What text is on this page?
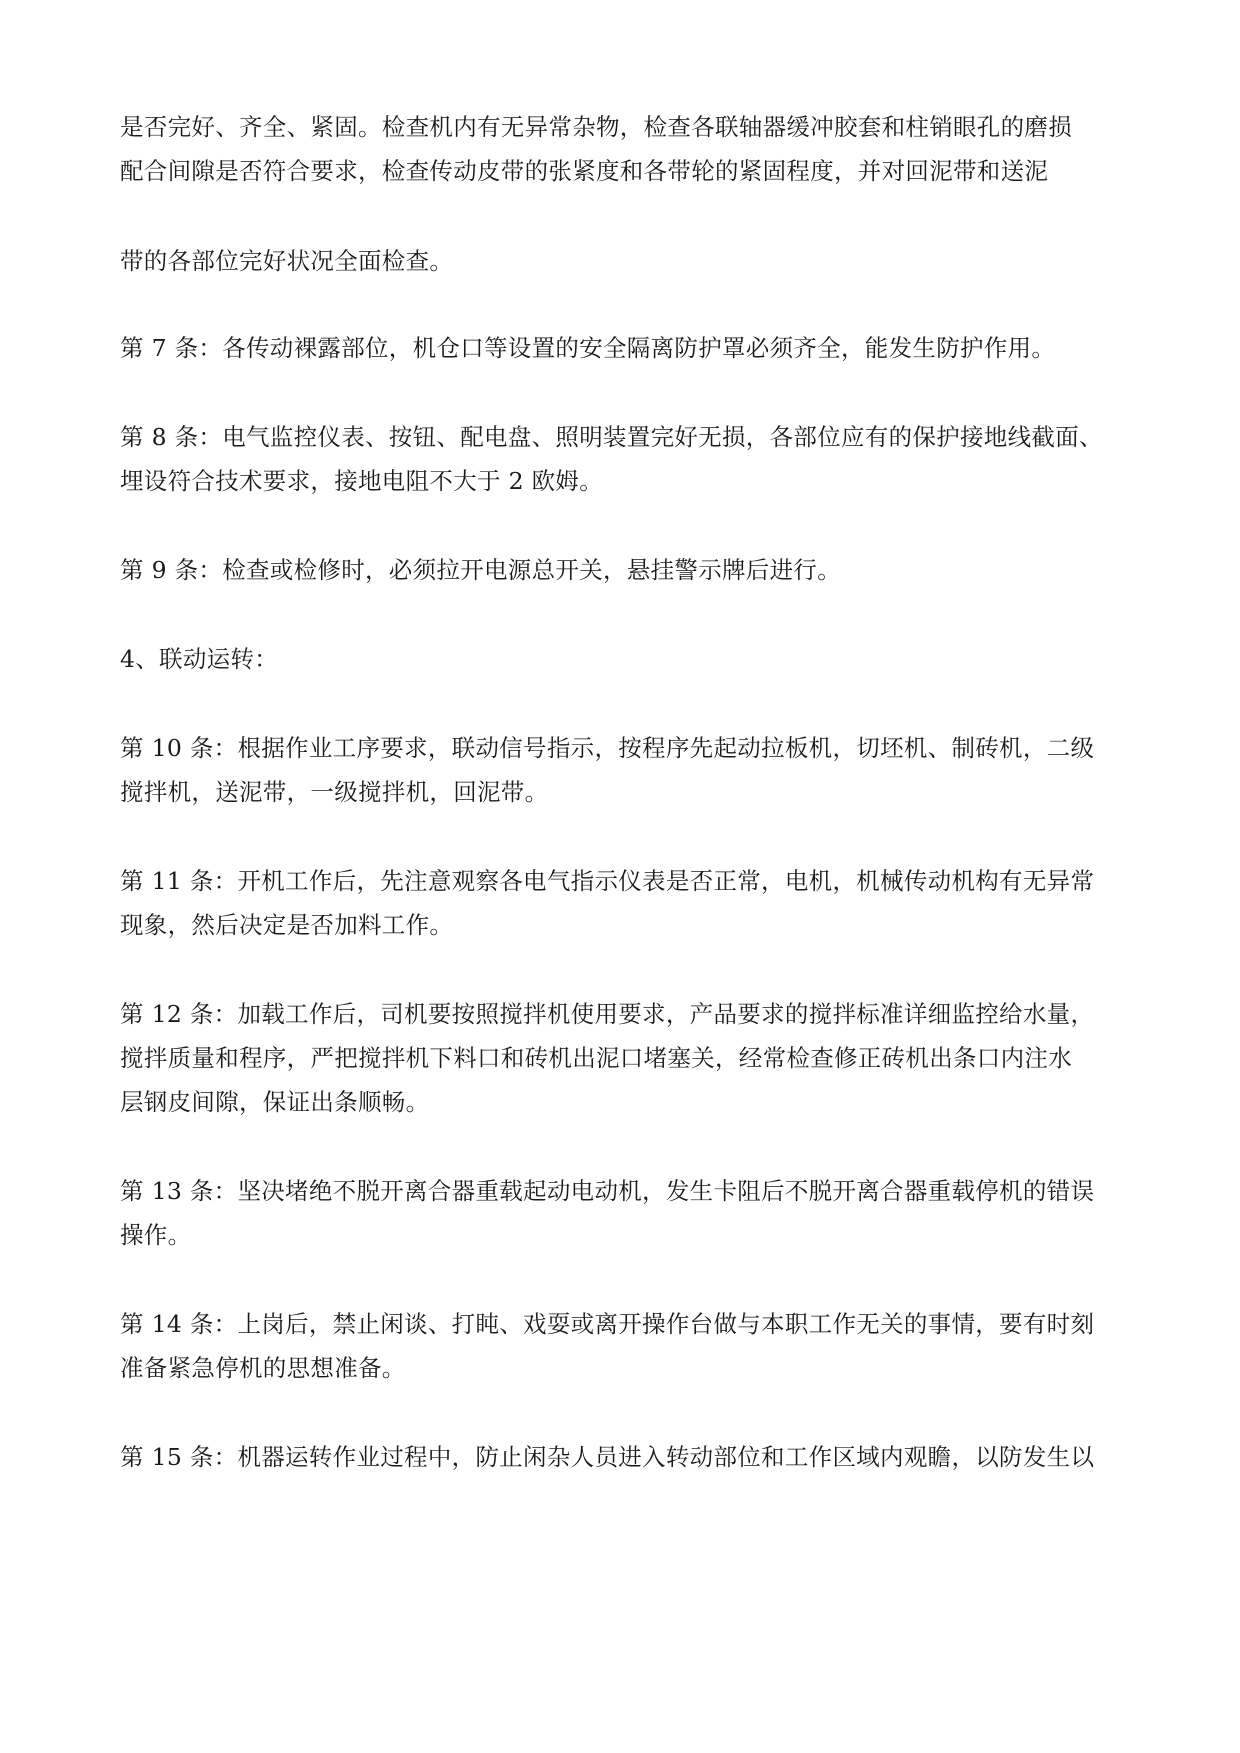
是否完好、齐全、紧固。检查机内有无异常杂物，检查各联轴器缓冲胶套和柱销眼孔的磨损
配合间隙是否符合要求，检查传动皮带的张紧度和各带轮的紧固程度，并对回泥带和送泥
带的各部位完好状况全面检查。
第 7 条：各传动裸露部位，机仓口等设置的安全隔离防护罩必须齐全，能发生防护作用。
第 8 条：电气监控仪表、按钮、配电盘、照明装置完好无损，各部位应有的保护接地线截面、
埋设符合技术要求，接地电阻不大于 2 欧姆。
第 9 条：检查或检修时，必须拉开电源总开关，悬挂警示牌后进行。
4、联动运转：
第 10 条：根据作业工序要求，联动信号指示，按程序先起动拉板机，切坯机、制砖机，二级
搅拌机，送泥带，一级搅拌机，回泥带。
第 11 条：开机工作后，先注意观察各电气指示仪表是否正常，电机，机械传动机构有无异常
现象，然后决定是否加料工作。
第 12 条：加载工作后，司机要按照搅拌机使用要求，产品要求的搅拌标准详细监控给水量，
搅拌质量和程序，严把搅拌机下料口和砖机出泥口堵塞关，经常检查修正砖机出条口内注水
层钢皮间隙，保证出条顺畅。
第 13 条：坚决堵绝不脱开离合器重载起动电动机，发生卡阻后不脱开离合器重载停机的错误
操作。
第 14 条：上岗后，禁止闲谈、打盹、戏耍或离开操作台做与本职工作无关的事情，要有时刻
准备紧急停机的思想准备。
第 15 条：机器运转作业过程中，防止闲杂人员进入转动部位和工作区域内观瞻，以防发生以
